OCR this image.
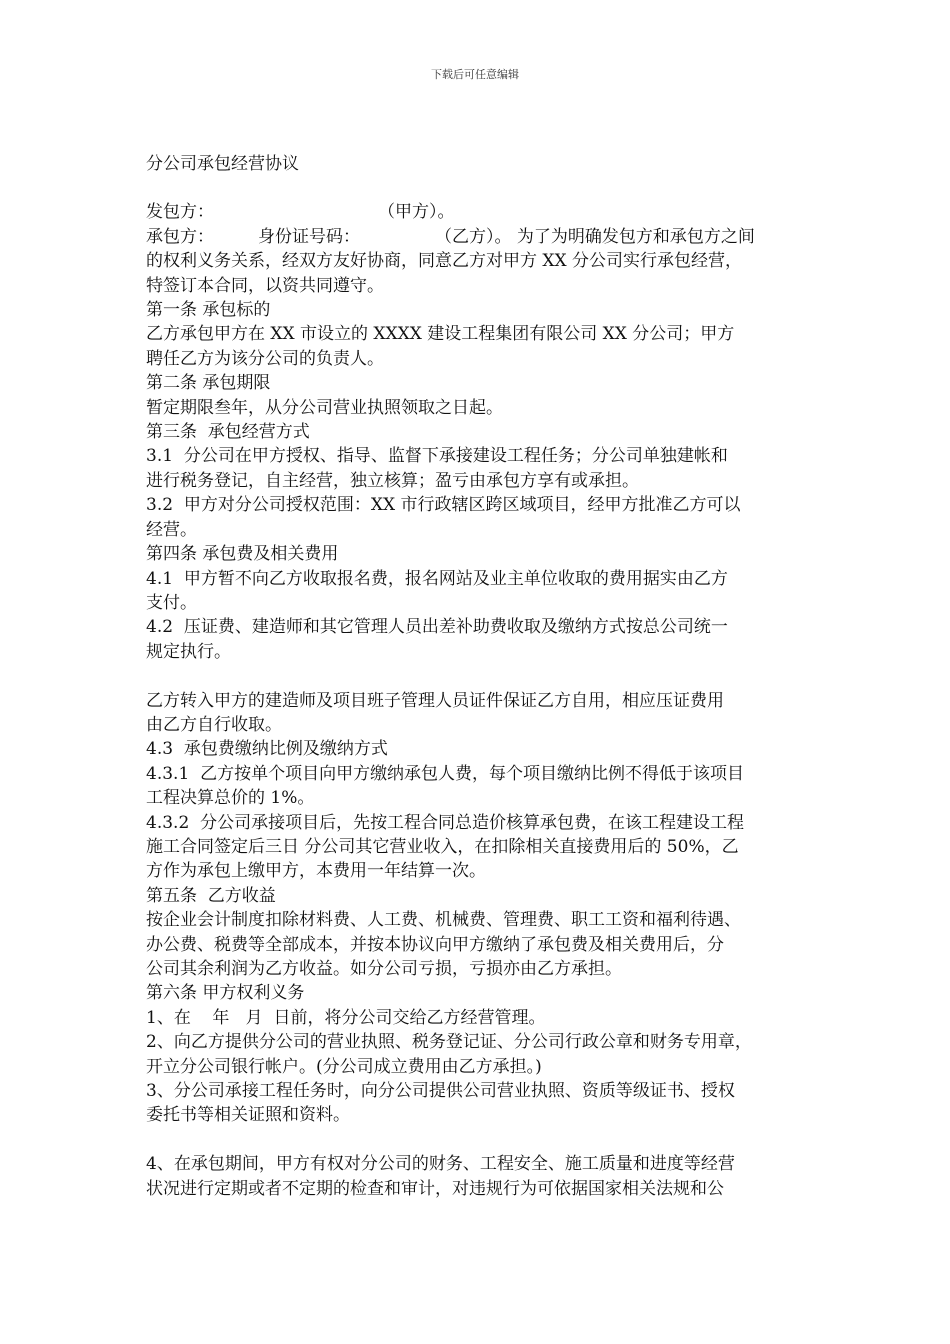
下载后可任意编辑
分公司承包经营协议
发包方：	（甲方）。
承包方：	身份证号码：	（乙方）。 为了为明确发包方和承包方之间
的权利义务关系，经双方友好协商，同意乙方对甲方 XX 分公司实行承包经营，
特签订本合同，以资共同遵守。
第一条 承包标的
乙方承包甲方在 XX 市设立的 XXXX 建设工程集团有限公司 XX 分公司；甲方
聘任乙方为该分公司的负责人。
第二条 承包期限
暂定期限叁年，从分公司营业执照领取之日起。
第三条  承包经营方式
3.1  分公司在甲方授权、指导、监督下承接建设工程任务；分公司单独建帐和
进行税务登记，自主经营，独立核算；盈亏由承包方享有或承担。
3.2  甲方对分公司授权范围：XX 市行政辖区跨区域项目，经甲方批准乙方可以
经营。
第四条 承包费及相关费用
4.1  甲方暂不向乙方收取报名费，报名网站及业主单位收取的费用据实由乙方
支付。
4.2  压证费、建造师和其它管理人员出差补助费收取及缴纳方式按总公司统一
规定执行。
乙方转入甲方的建造师及项目班子管理人员证件保证乙方自用，相应压证费用
由乙方自行收取。
4.3  承包费缴纳比例及缴纳方式
4.3.1  乙方按单个项目向甲方缴纳承包人费，每个项目缴纳比例不得低于该项目
工程决算总价的 1%。
4.3.2  分公司承接项目后，先按工程合同总造价核算承包费，在该工程建设工程
施工合同签定后三日 分公司其它营业收入，在扣除相关直接费用后的 50%，乙
方作为承包上缴甲方，本费用一年结算一次。
第五条  乙方收益
按企业会计制度扣除材料费、人工费、机械费、管理费、职工工资和福利待遇、
办公费、税费等全部成本，并按本协议向甲方缴纳了承包费及相关费用后，分
公司其余利润为乙方收益。如分公司亏损，亏损亦由乙方承担。
第六条 甲方权利义务
1、在    年   月  日前，将分公司交给乙方经营管理。
2、向乙方提供分公司的营业执照、税务登记证、分公司行政公章和财务专用章，
开立分公司银行帐户。(分公司成立费用由乙方承担。)
3、分公司承接工程任务时，向分公司提供公司营业执照、资质等级证书、授权
委托书等相关证照和资料。
4、在承包期间，甲方有权对分公司的财务、工程安全、施工质量和进度等经营
状况进行定期或者不定期的检查和审计，对违规行为可依据国家相关法规和公
